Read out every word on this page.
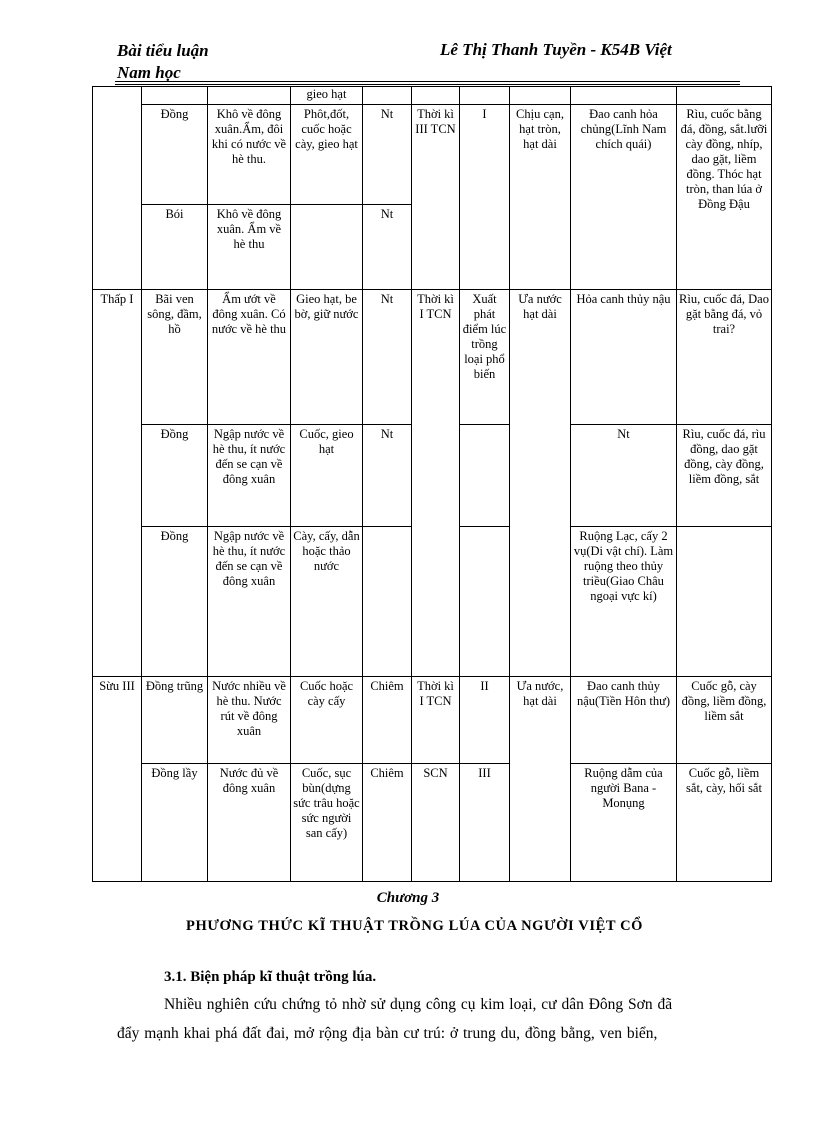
Bài tiểu luận
Nam học
Lê Thị Thanh Tuyền - K54B Việt
			gieo hạt						
	Đồng	Khô về đông xuân.Ẩm, đôi khi có nước về hè thu.	Phôt,đốt, cuốc hoặc cày, gieo hạt	Nt	Thời kì III TCN	I	Chịu cạn, hạt tròn, hạt dài	Đao canh hỏa chủng(Lĩnh Nam chích quái)	Rìu, cuốc bằng đá, đồng, sắt.lưỡi cày đồng, nhíp, dao gặt, liềm đồng. Thóc hạt tròn, than lúa ở Đồng Đậu
	Bói	Khô về đông xuân. Ẩm về hè thu		Nt					
Thấp I	Bãi ven sông, đầm, hồ	Ẩm ướt về đông xuân. Có nước về hè thu	Gieo hạt, be bờ, giữ nước	Nt	Thời kì I TCN	Xuất phát điểm lúc trồng loại phổ biến	Ưa nước hạt dài	Hỏa canh thủy nậu	Rìu, cuốc đá, Dao gặt bằng đá, vỏ trai?
	Đồng	Ngập nước về hè thu, ít nước đến se cạn về đông xuân	Cuốc, gieo hạt	Nt				Nt	Rìu, cuốc đá, rìu đồng, dao gặt đồng, cày đồng, liềm đồng, sắt
	Đồng	Ngập nước về hè thu, ít nước đến se cạn về đông xuân	Cày, cấy, dẫn hoặc thảo nước					Ruộng Lạc, cấy 2 vụ(Di vật chí). Làm ruộng theo thủy triều(Giao Châu ngoại vực kí)	
Sừu III	Đồng trũng	Nước nhiều về hè thu. Nước rút về đông xuân	Cuốc hoặc cày cấy	Chiêm	Thời kì I TCN	II	Ưa nước, hạt dài	Đao canh thủy nậu(Tiền Hôn thư)	Cuốc gỗ, cày đồng, liềm đồng, liềm sắt
	Đồng lầy	Nước đủ về đông xuân	Cuốc, sục bùn(dựng sức trâu hoặc sức người san cấy)	Chiêm	SCN	III		Ruộng dẫm của người Bana - Monụng	Cuốc gỗ, liềm sắt, cày, hối sắt
Chương 3
PHƯƠNG THỨC KĨ THUẬT TRỒNG LÚA CỦA NGƯỜI VIỆT CỔ
3.1. Biện pháp kĩ thuật trồng lúa.
Nhiều nghiên cứu chứng tỏ nhờ sử dụng công cụ kim loại, cư dân Đông Sơn đã
đẩy mạnh khai phá đất đai, mở rộng địa bàn cư trú: ở trung du, đồng bằng, ven biển,
